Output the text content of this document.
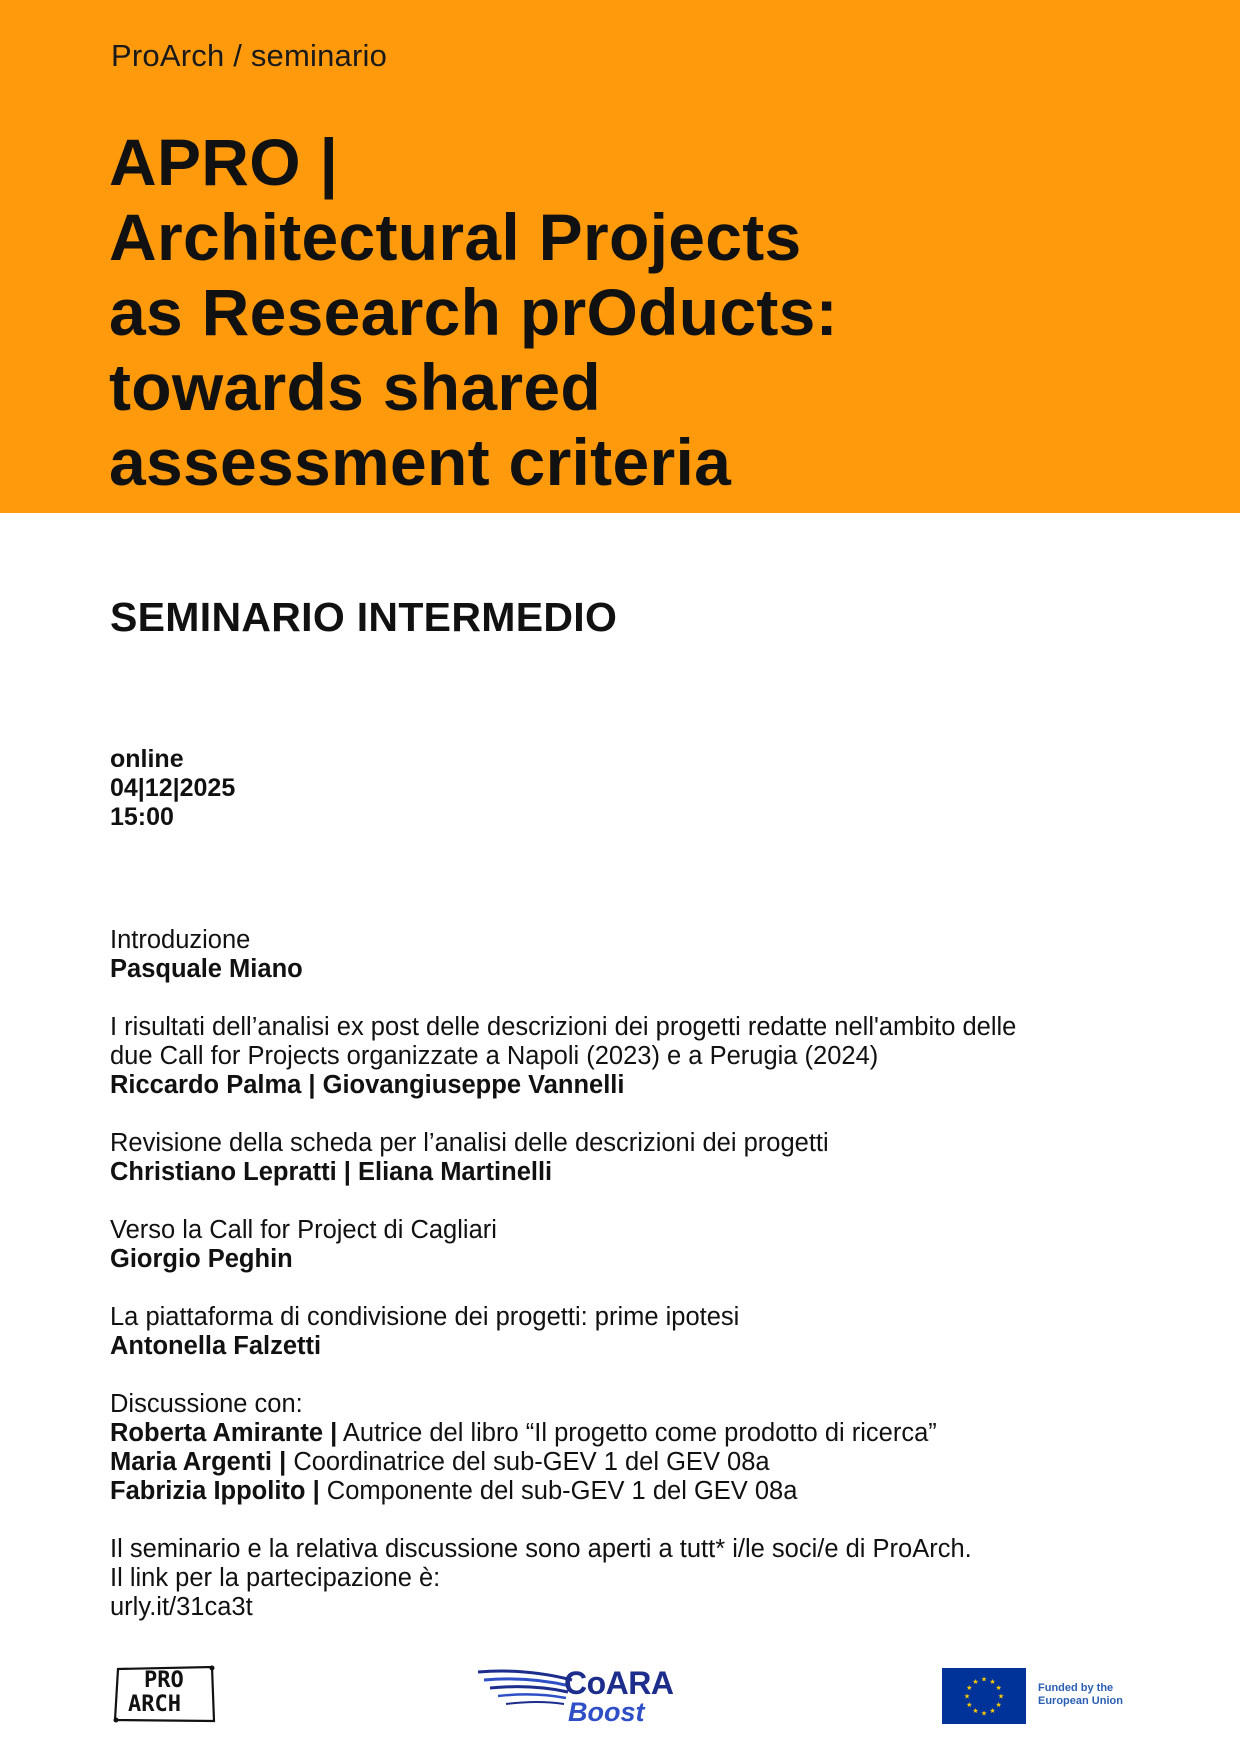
ProArch / seminario
APRO |
Architectural Projects
as Research prOducts:
towards shared
assessment criteria
SEMINARIO INTERMEDIO
online
04|12|2025
15:00
Introduzione
Pasquale Miano
I risultati dell’analisi ex post delle descrizioni dei progetti redatte nell'ambito delle
due Call for Projects organizzate a Napoli (2023) e a Perugia (2024)
Riccardo Palma | Giovangiuseppe Vannelli
Revisione della scheda per l’analisi delle descrizioni dei progetti
Christiano Lepratti | Eliana Martinelli
Verso la Call for Project di Cagliari
Giorgio Peghin
La piattaforma di condivisione dei progetti: prime ipotesi
Antonella Falzetti
Discussione con:
Roberta Amirante | Autrice del libro “Il progetto come prodotto di ricerca”
Maria Argenti | Coordinatrice del sub-GEV 1 del GEV 08a
Fabrizia Ippolito | Componente del sub-GEV 1 del GEV 08a
Il seminario e la relativa discussione sono aperti a tutt* i/le soci/e di ProArch.
Il link per la partecipazione è:
urly.it/31ca3t
PRO
ARCH
CoARA
Boost
★ ★
★
★
★
★
★
★
★
★
★
★	Funded by the
European Union
